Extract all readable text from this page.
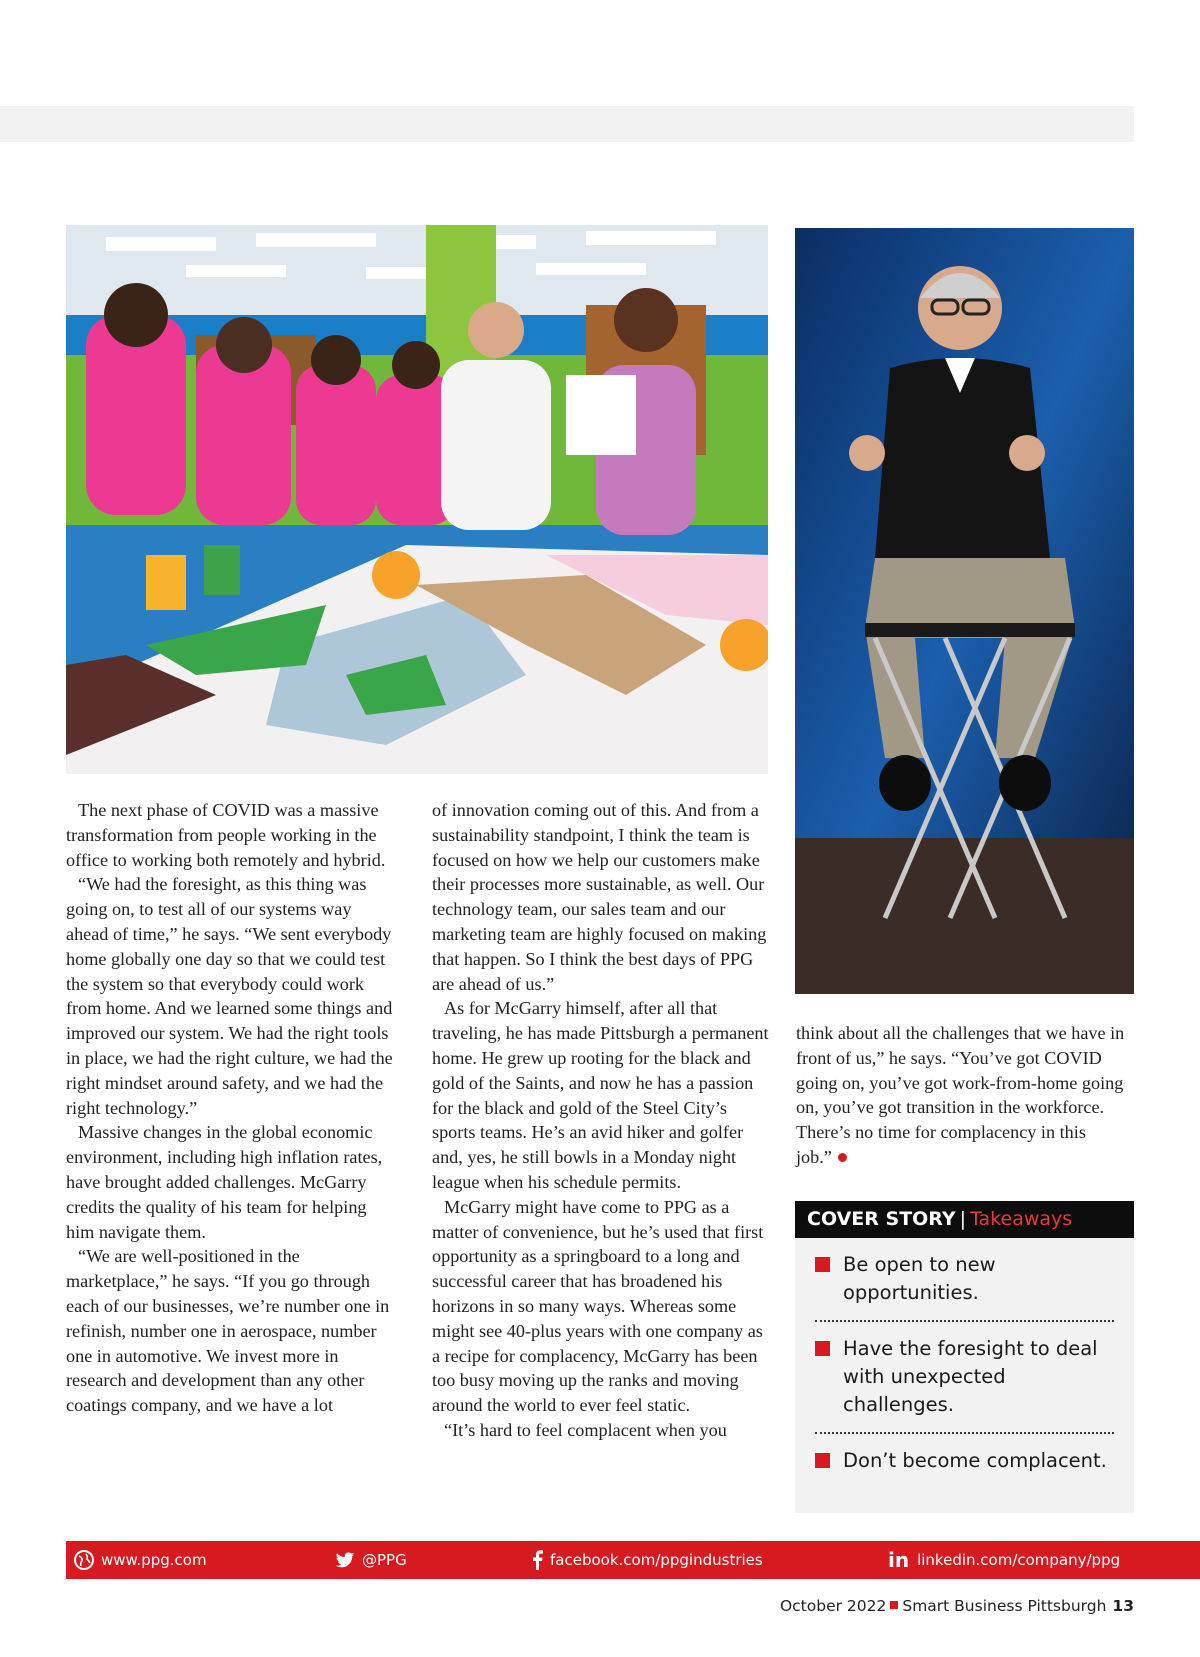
The next phase of COVID was a massive transformation from people working in the office to working both remotely and hybrid.

“We had the foresight, as this thing was going on, to test all of our systems way ahead of time,” he says. “We sent everybody home globally one day so that we could test the system so that everybody could work from home. And we learned some things and improved our system. We had the right tools in place, we had the right culture, we had the right mindset around safety, and we had the right technology.”

Massive changes in the global economic environment, including high inflation rates, have brought added challenges. McGarry credits the quality of his team for helping him navigate them.

“We are well-positioned in the marketplace,” he says. “If you go through each of our businesses, we’re number one in refinish, number one in aerospace, number one in automotive. We invest more in research and development than any other coatings company, and we have a lot

of innovation coming out of this. And from a sustainability standpoint, I think the team is focused on how we help our customers make their processes more sustainable, as well. Our technology team, our sales team and our marketing team are highly focused on making that happen. So I think the best days of PPG are ahead of us.”

As for McGarry himself, after all that traveling, he has made Pittsburgh a permanent home. He grew up rooting for the black and gold of the Saints, and now he has a passion for the black and gold of the Steel City’s sports teams. He’s an avid hiker and golfer and, yes, he still bowls in a Monday night league when his schedule permits.

McGarry might have come to PPG as a matter of convenience, but he’s used that first opportunity as a springboard to a long and successful career that has broadened his horizons in so many ways. Whereas some might see 40-plus years with one company as a recipe for complacency, McGarry has been too busy moving up the ranks and moving around the world to ever feel static.

“It’s hard to feel complacent when you

think about all the challenges that we have in front of us,” he says. “You’ve got COVID going on, you’ve got work-from-home going on, you’ve got transition in the workforce. There’s no time for complacency in this job.”

COVER STORY | Takeaways
Be open to new opportunities.
Have the foresight to deal with unexpected challenges.
Don’t become complacent.
www.ppg.com	@PPG	facebook.com/ppgindustries	in linkedin.com/company/ppg
October 2022 Smart Business Pittsburgh 13
